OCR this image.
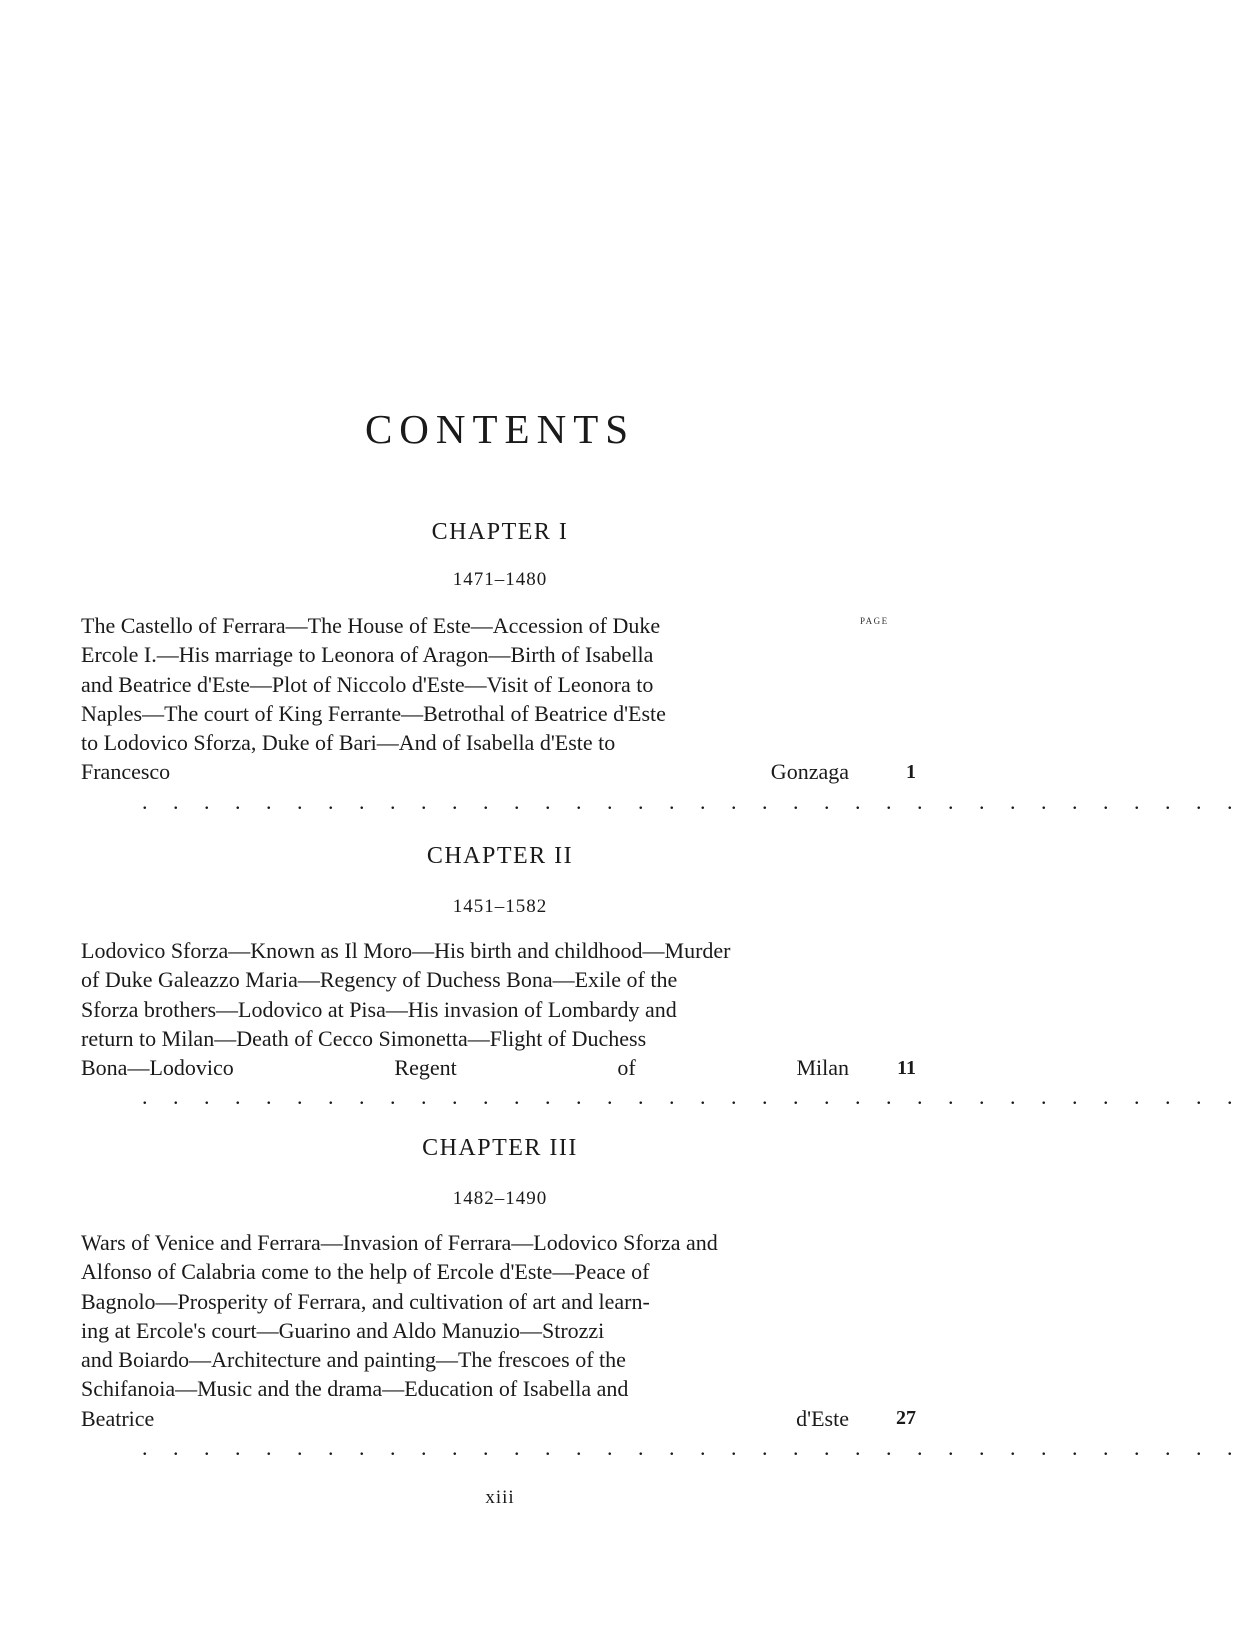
CONTENTS
CHAPTER I
1471–1480
PAGE
The Castello of Ferrara—The House of Este—Accession of Duke
Ercole I.—His marriage to Leonora of Aragon—Birth of Isabella
and Beatrice d'Este—Plot of Niccolo d'Este—Visit of Leonora to
Naples—The court of King Ferrante—Betrothal of Beatrice d'Este
to Lodovico Sforza, Duke of Bari—And of Isabella d'Este to
Francesco Gonzaga . . . . . . . . . . . . . . . . . . . . . . . . . . . . . . . . . . . .
1
CHAPTER II
1451–1582
Lodovico Sforza—Known as Il Moro—His birth and childhood—Murder
of Duke Galeazzo Maria—Regency of Duchess Bona—Exile of the
Sforza brothers—Lodovico at Pisa—His invasion of Lombardy and
return to Milan—Death of Cecco Simonetta—Flight of Duchess
Bona—Lodovico Regent of Milan . . . . . . . . . . . . . . . . . . . . . . . . . . . . . . . . . . . .
11
CHAPTER III
1482–1490
Wars of Venice and Ferrara—Invasion of Ferrara—Lodovico Sforza and
Alfonso of Calabria come to the help of Ercole d'Este—Peace of
Bagnolo—Prosperity of Ferrara, and cultivation of art and learn-
ing at Ercole's court—Guarino and Aldo Manuzio—Strozzi
and Boiardo—Architecture and painting—The frescoes of the
Schifanoia—Music and the drama—Education of Isabella and
Beatrice d'Este . . . . . . . . . . . . . . . . . . . . . . . . . . . . . . . . . . . .
27
xiii
